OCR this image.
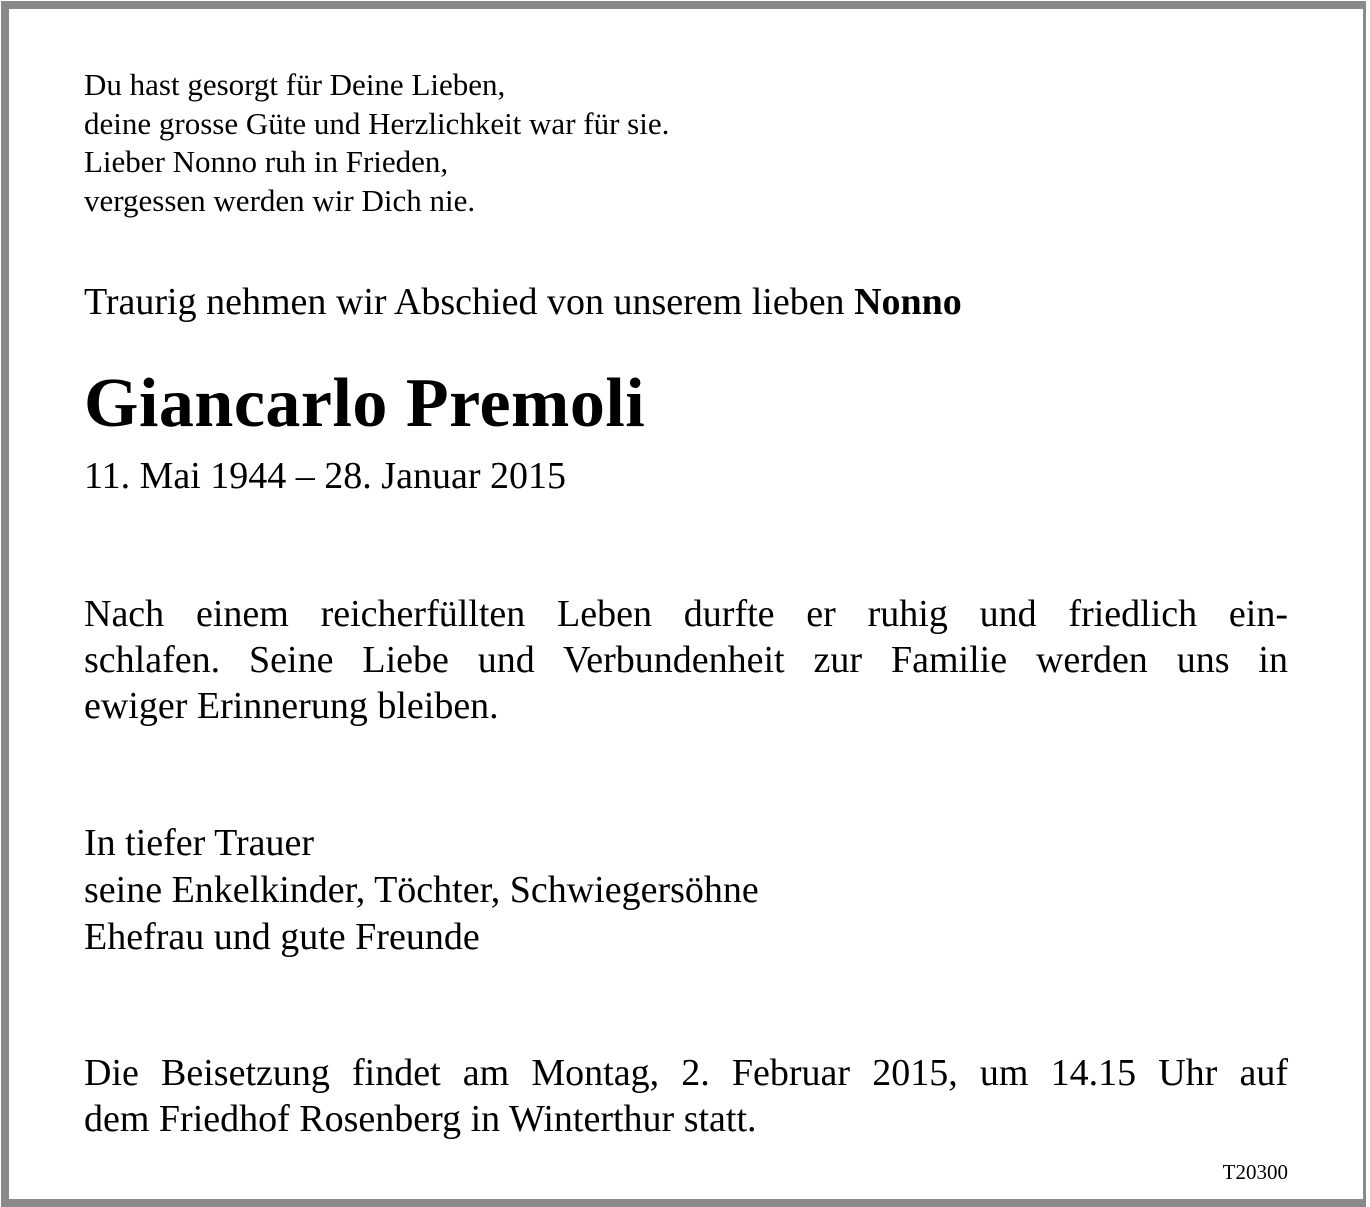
Du hast gesorgt für Deine Lieben,
deine grosse Güte und Herzlichkeit war für sie.
Lieber Nonno ruh in Frieden,
vergessen werden wir Dich nie.
Traurig nehmen wir Abschied von unserem lieben Nonno
Giancarlo Premoli
11. Mai 1944 – 28. Januar 2015
Nach einem reicherfüllten Leben durfte er ruhig und friedlich ein-
schlafen. Seine Liebe und Verbundenheit zur Familie werden uns in
ewiger Erinnerung bleiben.
In tiefer Trauer
seine Enkelkinder, Töchter, Schwiegersöhne
Ehefrau und gute Freunde
Die Beisetzung findet am Montag, 2. Februar 2015, um 14.15 Uhr auf
dem Friedhof Rosenberg in Winterthur statt.
T20300
